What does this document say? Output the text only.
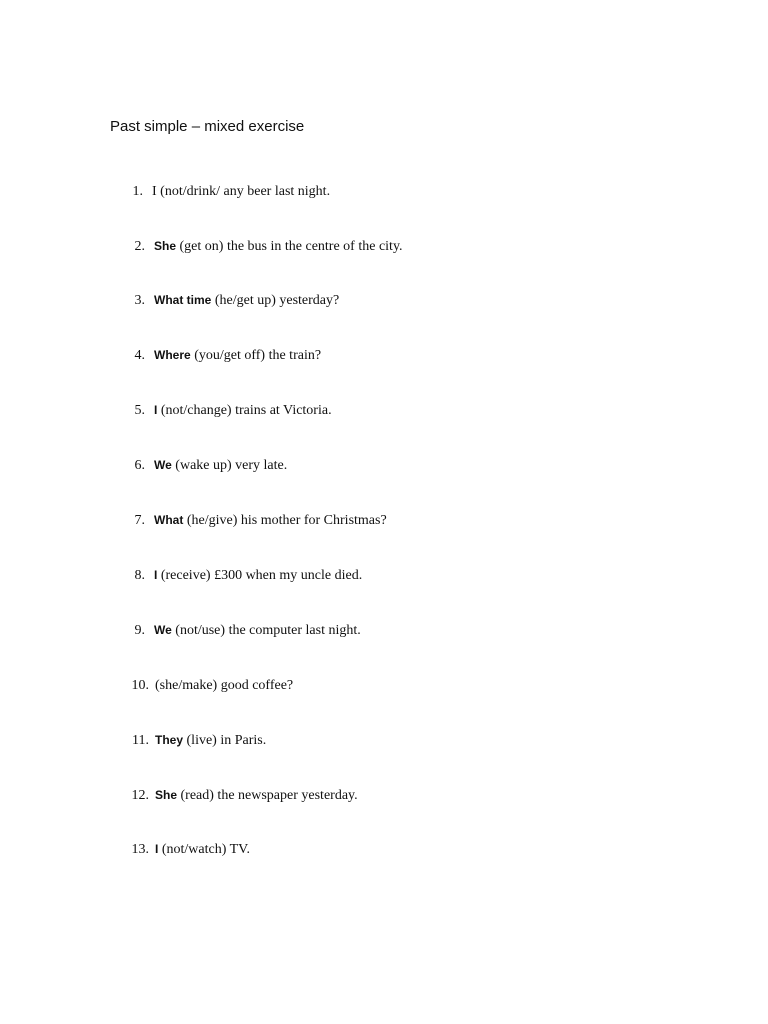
Past simple – mixed exercise
1. I (not/drink/ any beer last night.
2. She (get on) the bus in the centre of the city.
3. What time (he/get up) yesterday?
4. Where (you/get off) the train?
5. I (not/change) trains at Victoria.
6. We (wake up) very late.
7. What (he/give) his mother for Christmas?
8. I (receive) £300 when my uncle died.
9. We (not/use) the computer last night.
10. (she/make) good coffee?
11. They (live) in Paris.
12. She (read) the newspaper yesterday.
13. I (not/watch) TV.
